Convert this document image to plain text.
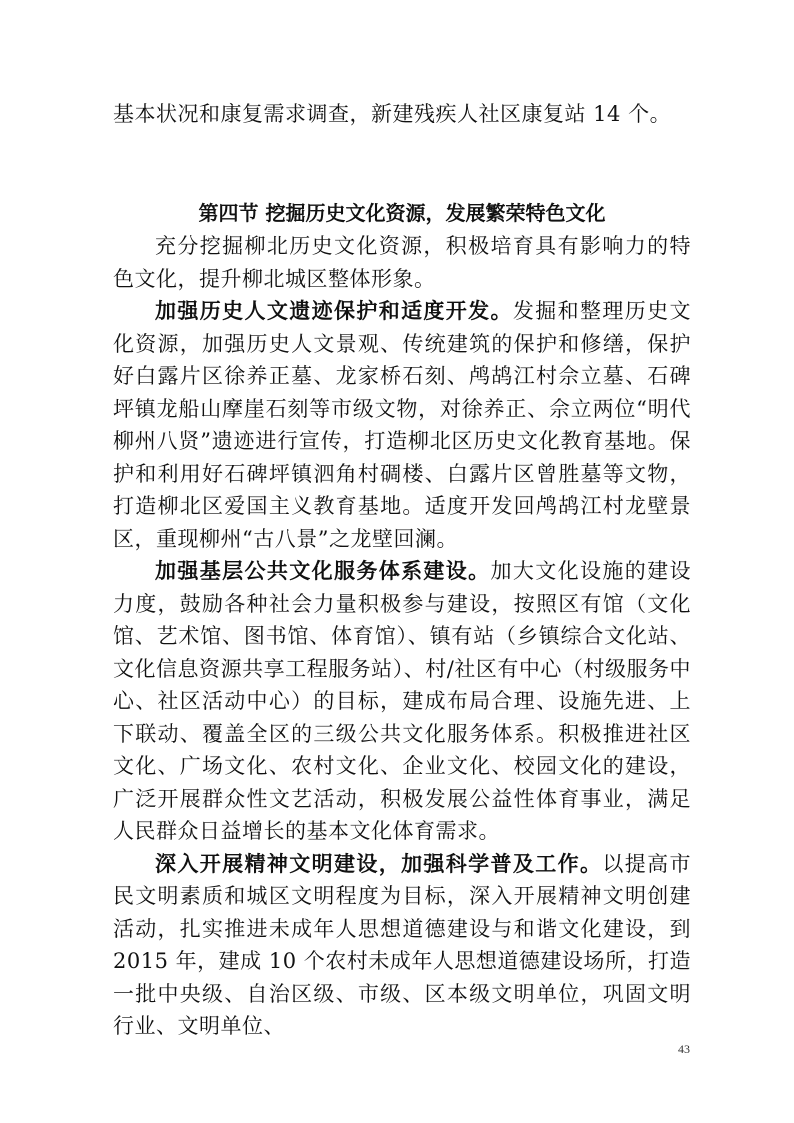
基本状况和康复需求调查，新建残疾人社区康复站 14 个。
第四节 挖掘历史文化资源，发展繁荣特色文化

充分挖掘柳北历史文化资源，积极培育具有影响力的特色文化，提升柳北城区整体形象。

加强历史人文遗迹保护和适度开发。发掘和整理历史文化资源，加强历史人文景观、传统建筑的保护和修缮，保护好白露片区徐养正墓、龙家桥石刻、鸬鸪江村佘立墓、石碑坪镇龙船山摩崖石刻等市级文物，对徐养正、佘立两位“明代柳州八贤”遗迹进行宣传，打造柳北区历史文化教育基地。保护和利用好石碑坪镇泗角村碉楼、白露片区曾胜墓等文物，打造柳北区爱国主义教育基地。适度开发回鸬鸪江村龙壁景区，重现柳州“古八景”之龙壁回澜。

加强基层公共文化服务体系建设。加大文化设施的建设力度，鼓励各种社会力量积极参与建设，按照区有馆（文化馆、艺术馆、图书馆、体育馆）、镇有站（乡镇综合文化站、文化信息资源共享工程服务站）、村/社区有中心（村级服务中心、社区活动中心）的目标，建成布局合理、设施先进、上下联动、覆盖全区的三级公共文化服务体系。积极推进社区文化、广场文化、农村文化、企业文化、校园文化的建设，广泛开展群众性文艺活动，积极发展公益性体育事业，满足人民群众日益增长的基本文化体育需求。

深入开展精神文明建设，加强科学普及工作。以提高市民文明素质和城区文明程度为目标，深入开展精神文明创建活动，扎实推进未成年人思想道德建设与和谐文化建设，到 2015 年，建成 10 个农村未成年人思想道德建设场所，打造一批中央级、自治区级、市级、区本级文明单位，巩固文明行业、文明单位、

43
